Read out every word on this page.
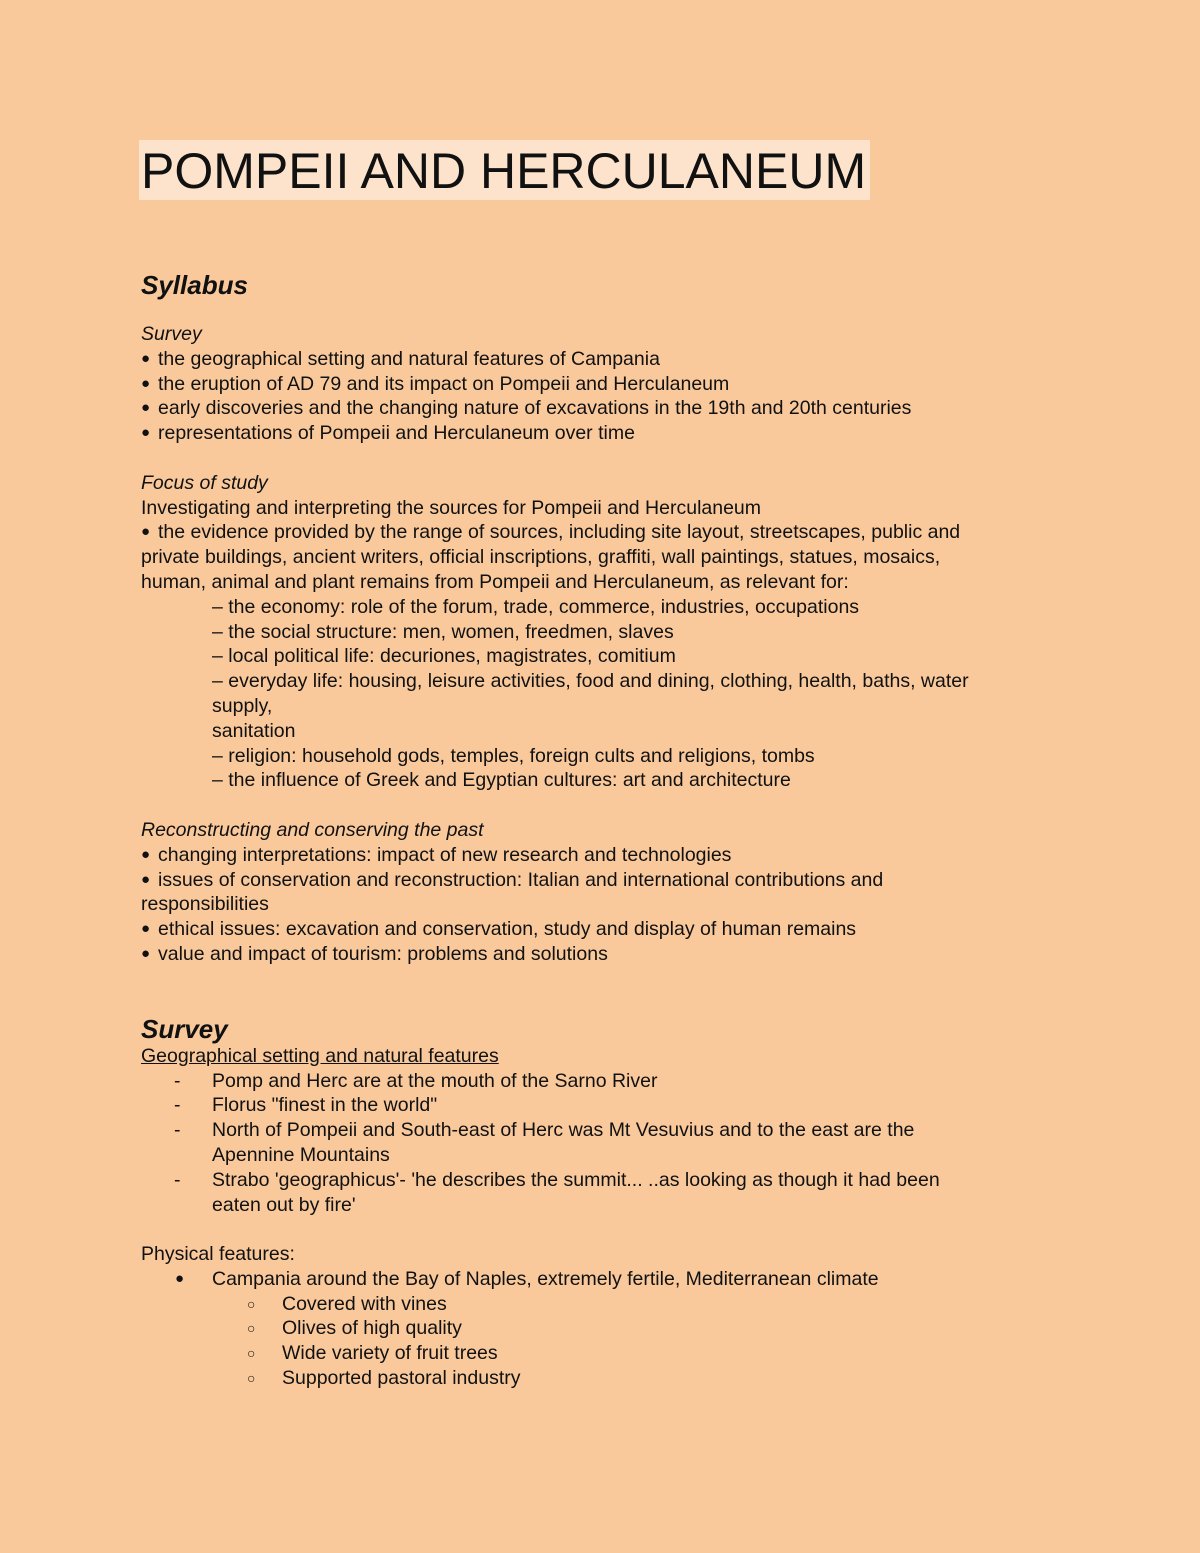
POMPEII AND HERCULANEUM
Syllabus
Survey
● the geographical setting and natural features of Campania
● the eruption of AD 79 and its impact on Pompeii and Herculaneum
● early discoveries and the changing nature of excavations in the 19th and 20th centuries
● representations of Pompeii and Herculaneum over time
Focus of study
Investigating and interpreting the sources for Pompeii and Herculaneum
● the evidence provided by the range of sources, including site layout, streetscapes, public and
private buildings, ancient writers, official inscriptions, graffiti, wall paintings, statues, mosaics,
human, animal and plant remains from Pompeii and Herculaneum, as relevant for:
– the economy: role of the forum, trade, commerce, industries, occupations
– the social structure: men, women, freedmen, slaves
– local political life: decuriones, magistrates, comitium
– everyday life: housing, leisure activities, food and dining, clothing, health, baths, water
supply,
sanitation
– religion: household gods, temples, foreign cults and religions, tombs
– the influence of Greek and Egyptian cultures: art and architecture
Reconstructing and conserving the past
● changing interpretations: impact of new research and technologies
● issues of conservation and reconstruction: Italian and international contributions and
responsibilities
● ethical issues: excavation and conservation, study and display of human remains
● value and impact of tourism: problems and solutions
Survey
Geographical setting and natural features
-	Pomp and Herc are at the mouth of the Sarno River
-	Florus "finest in the world"
-	North of Pompeii and South-east of Herc was Mt Vesuvius and to the east are the
Apennine Mountains
-	Strabo 'geographicus'- 'he describes the summit... ..as looking as though it had been
eaten out by fire'
Physical features:
●	Campania around the Bay of Naples, extremely fertile, Mediterranean climate
○	Covered with vines
○	Olives of high quality
○	Wide variety of fruit trees
○	Supported pastoral industry
